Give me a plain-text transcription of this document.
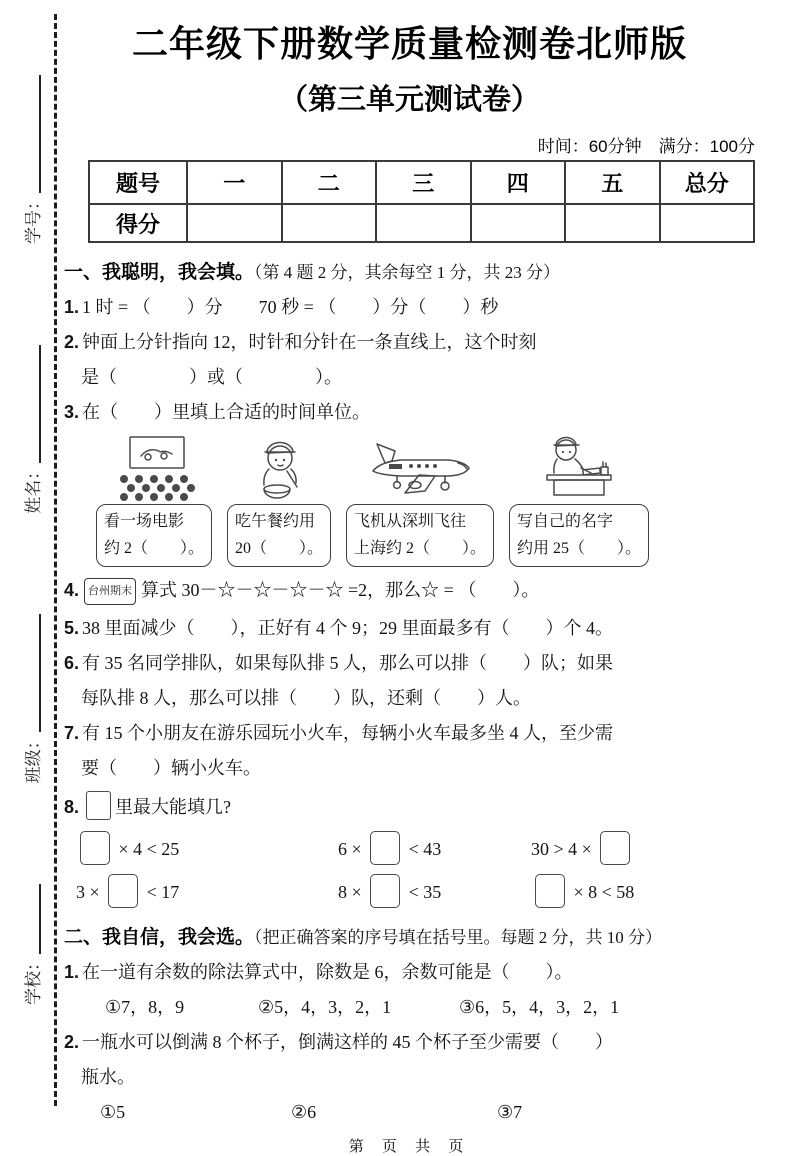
学校：
班级：
姓名：
学号：
二年级下册数学质量检测卷北师版
（第三单元测试卷）
时间：60分钟　满分：100分
题号	一	二	三	四	五	总分
得分						
一、我聪明，我会填。（第 4 题 2 分，其余每空 1 分，共 23 分）
1. 1 时 = （　　）分　　70 秒 = （　　）分（　　）秒
2. 钟面上分针指向 12，时针和分针在一条直线上，这个时刻
是（　　　　）或（　　　　）。
3. 在（　　）里填上合适的时间单位。
看一场电影
约 2（　　）。
吃午餐约用
20（　　）。
飞机从深圳飞往
上海约 2（　　）。
写自己的名字
约用 25（　　）。
4. 台州期末 算式 30－☆－☆－☆－☆ =2，那么☆ = （　　）。
5. 38 里面减少（　　），正好有 4 个 9；29 里面最多有（　　）个 4。
6. 有 35 名同学排队，如果每队排 5 人，那么可以排（　　）队；如果
每队排 8 人，那么可以排（　　）队，还剩（　　）人。
7. 有 15 个小朋友在游乐园玩小火车，每辆小火车最多坐 4 人，至少需
要（　　）辆小火车。
8. 里最大能填几?
× 4 < 25	6 ×  < 43	30 > 4 ×
3 ×  < 17	8 ×  < 35	× 8 < 58
二、我自信，我会选。（把正确答案的序号填在括号里。每题 2 分，共 10 分）
1. 在一道有余数的除法算式中，除数是 6，余数可能是（　　）。
①7，8，9	②5，4，3，2，1	③6，5，4，3，2，1
2. 一瓶水可以倒满 8 个杯子，倒满这样的 45 个杯子至少需要（　　）
瓶水。
①5	②6	③7
第 页 共 页
